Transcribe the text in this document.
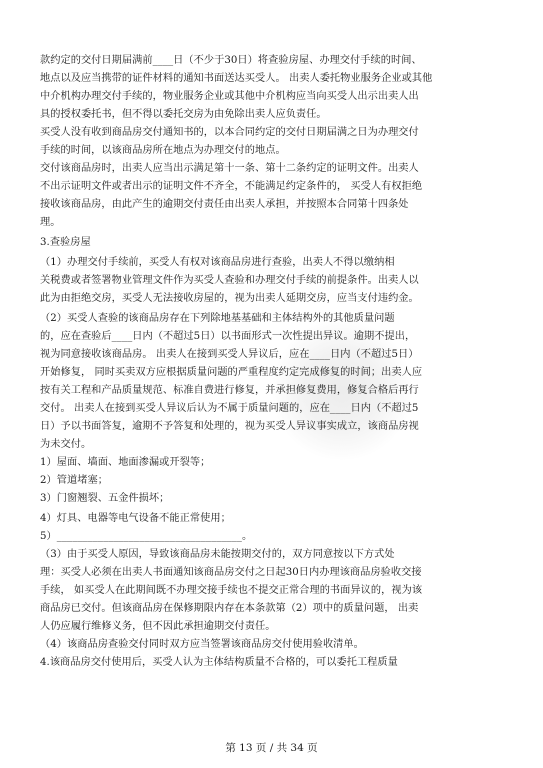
款约定的交付日期届满前____日（不少于30日）将查验房屋、办理交付手续的时间、
地点以及应当携带的证件材料的通知书面送达买受人。 出卖人委托物业服务企业或其他
中介机构办理交付手续的，物业服务企业或其他中介机构应当向买受人出示出卖人出
具的授权委托书，但不得以委托交房为由免除出卖人应负责任。
买受人没有收到商品房交付通知书的，以本合同约定的交付日期届满之日为办理交付
手续的时间，以该商品房所在地点为办理交付的地点。
交付该商品房时，出卖人应当出示满足第十一条、第十二条约定的证明文件。出卖人
不出示证明文件或者出示的证明文件不齐全，不能满足约定条件的， 买受人有权拒绝
接收该商品房，由此产生的逾期交付责任由出卖人承担，并按照本合同第十四条处
理。
3.查验房屋
（1）办理交付手续前，买受人有权对该商品房进行查验，出卖人不得以缴纳相
关税费或者签署物业管理文件作为买受人查验和办理交付手续的前提条件。出卖人以
此为由拒绝交房，买受人无法接收房屋的，视为出卖人延期交房，应当支付违约金。
（2）买受人查验的该商品房存在下列除地基基础和主体结构外的其他质量问题
的，应在查验后____日内（不超过5日）以书面形式一次性提出异议。逾期不提出，
视为同意接收该商品房。 出卖人在接到买受人异议后，应在____日内（不超过5日）
开始修复， 同时买卖双方应根据质量问题的严重程度约定完成修复的时间；出卖人应
按有关工程和产品质量规范、标准自费进行修复，并承担修复费用，修复合格后再行
交付。 出卖人在接到买受人异议后认为不属于质量问题的，应在____日内（不超过5
日）予以书面答复，逾期不予答复和处理的，视为买受人异议事实成立，该商品房视
为未交付。
1）屋面、墙面、地面渗漏或开裂等；
2）管道堵塞；
3）门窗翘裂、五金件损坏；
4）灯具、电器等电气设备不能正常使用；
5）____________________________________。
（3）由于买受人原因，导致该商品房未能按期交付的，双方同意按以下方式处
理：买受人必须在出卖人书面通知该商品房交付之日起30日内办理该商品房验收交接
手续， 如买受人在此期间既不办理交接手续也不提交正常合理的书面异议的，视为该
商品房已交付。但该商品房在保修期限内存在本条款第（2）项中的质量问题， 出卖
人仍应履行维修义务，但不因此承担逾期交付责任。
（4）该商品房查验交付同时双方应当签署该商品房交付使用验收清单。
4.该商品房交付使用后，买受人认为主体结构质量不合格的，可以委托工程质量
第 13 页 / 共 34 页
